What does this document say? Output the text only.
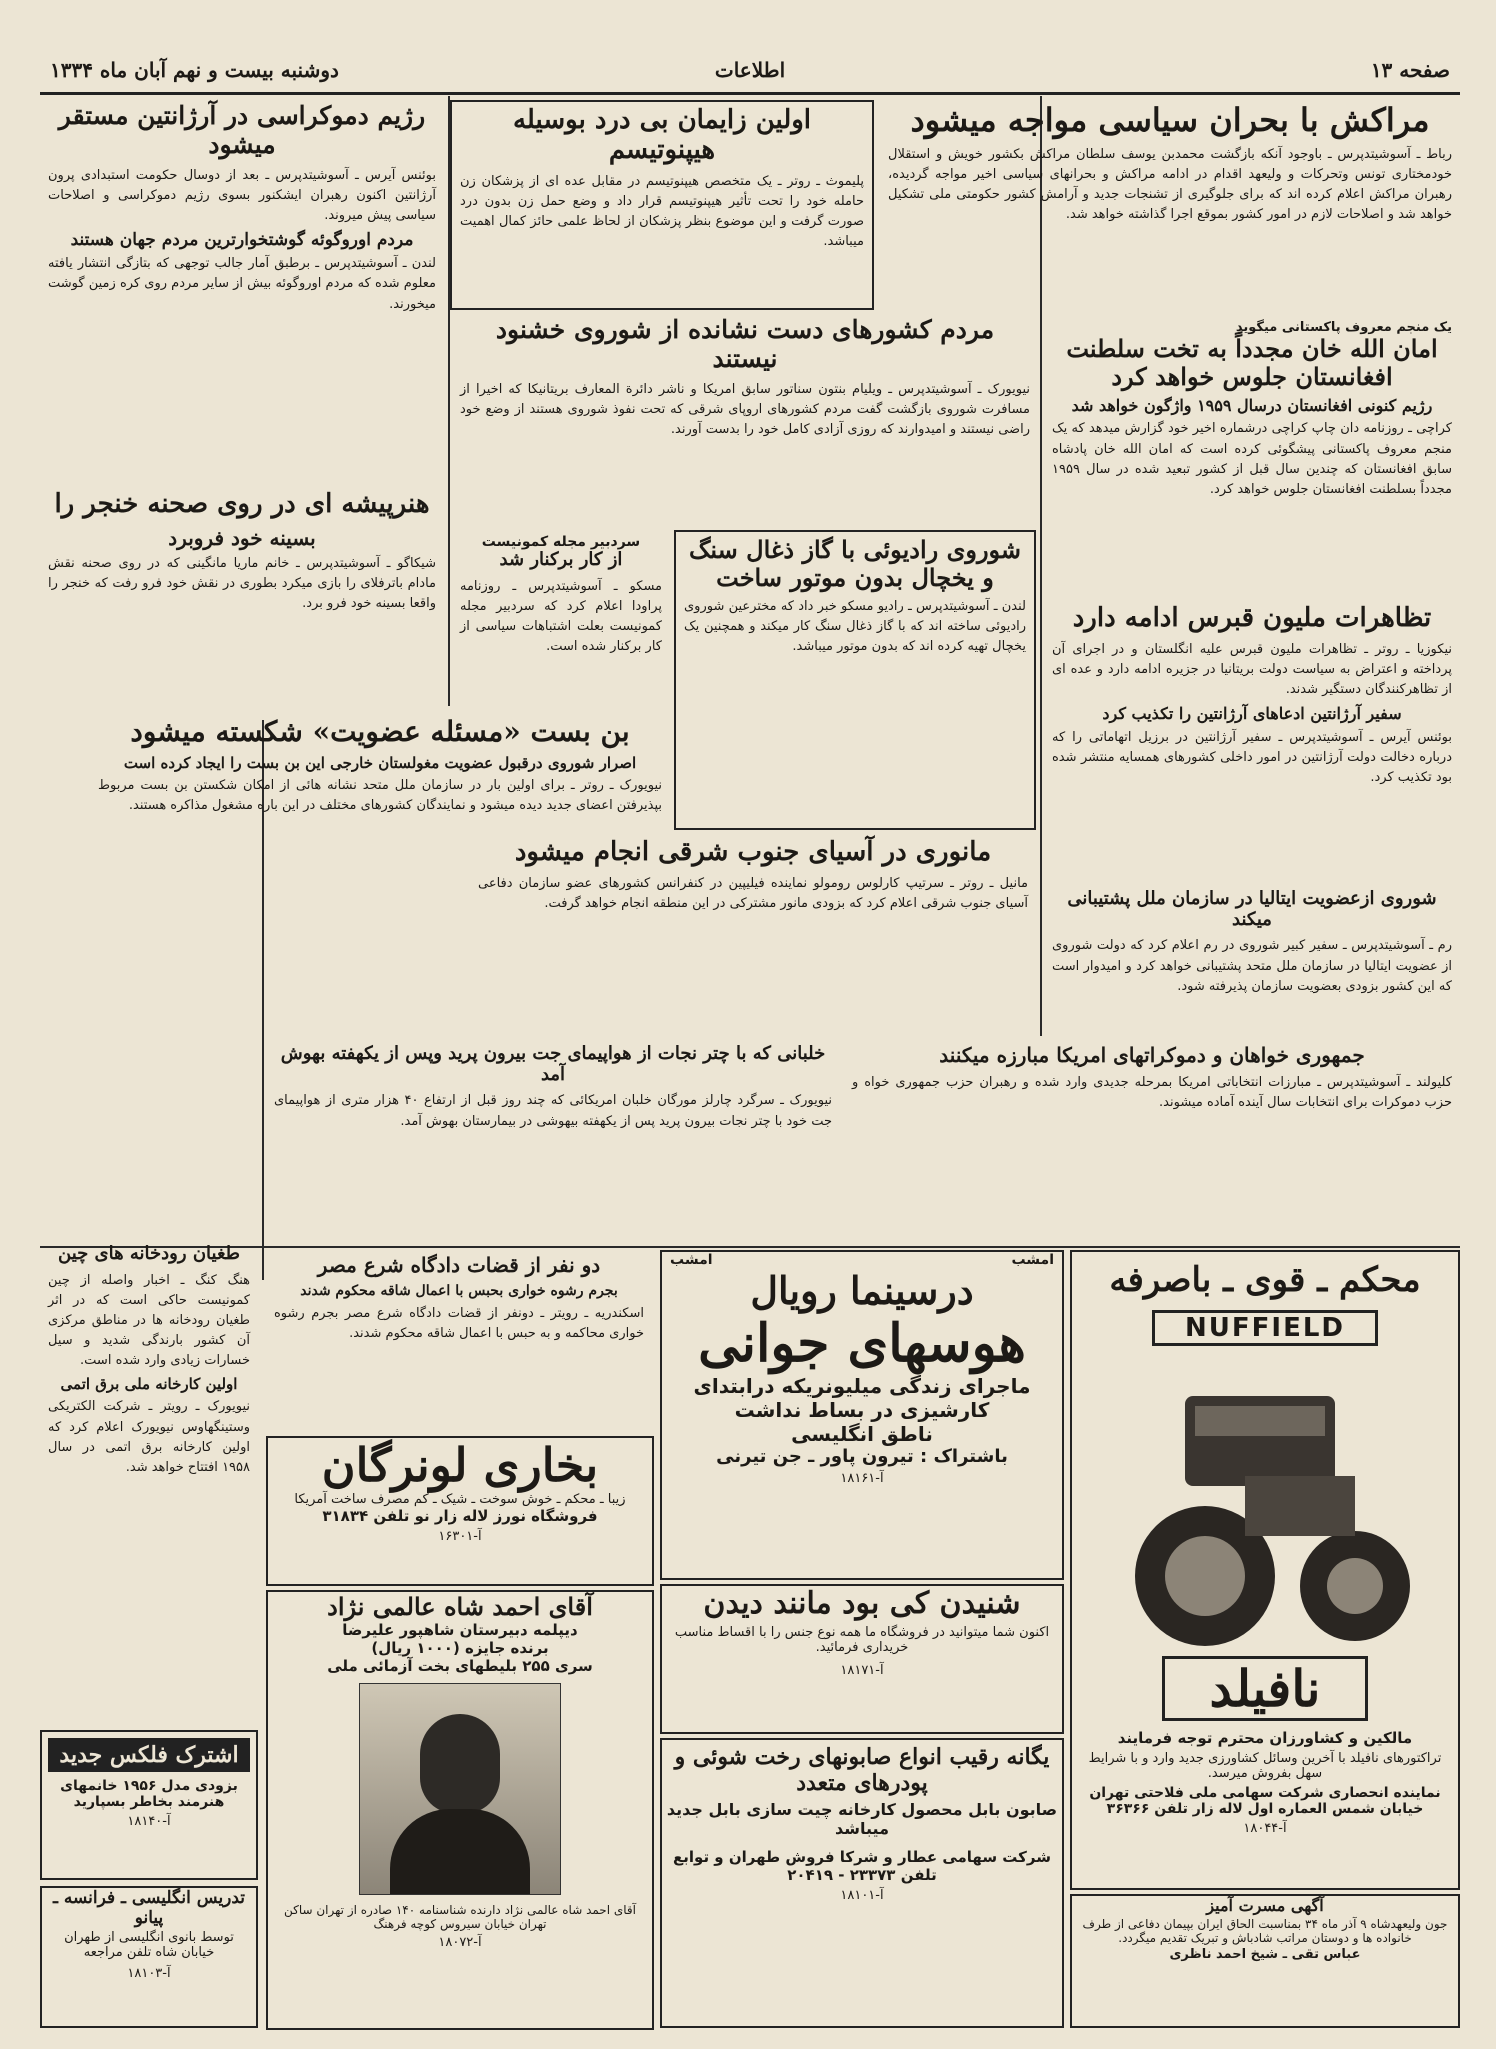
صفحه ۱۳
اطلاعات
دوشنبه بیست و نهم آبان ماه ۱۳۳۴
مراکش با بحران سیاسی مواجه میشود

رباط ـ آسوشیتدپرس ـ باوجود آنکه بازگشت محمدبن یوسف سلطان مراکش بکشور خویش و استقلال خودمختاری تونس وتحرکات و ولیعهد اقدام در ادامه مراکش و بحرانهای سیاسی اخیر مواجه گردیده، رهبران مراکش اعلام کرده اند که برای جلوگیری از تشنجات جدید و آرامش کشور حکومتی ملی تشکیل خواهد شد و اصلاحات لازم در امور کشور بموقع اجرا گذاشته خواهد شد.

اولین زایمان بی درد بوسیله هیپنوتیسم

پلیموث ـ روتر ـ یک متخصص هیپنوتیسم در مقابل عده ای از پزشکان زن حامله خود را تحت تأثیر هیپنوتیسم قرار داد و وضع حمل زن بدون درد صورت گرفت و این موضوع بنظر پزشکان از لحاظ علمی حائز کمال اهمیت میباشد.

رژیم دموکراسی در آرژانتین مستقر میشود

بوئنس آیرس ـ آسوشیتدپرس ـ بعد از دوسال حکومت استبدادی پرون آرژانتین اکنون رهبران ایشکنور بسوی رژیم دموکراسی و اصلاحات سیاسی پیش میروند.

مردم اوروگوئه گوشتخوارترین مردم جهان هستند

لندن ـ آسوشیتدپرس ـ برطبق آمار جالب توجهی که بتازگی انتشار یافته معلوم شده که مردم اوروگوئه بیش از سایر مردم روی کره زمین گوشت میخورند.

هنرپیشه ای در روی صحنه خنجر را
بسینه خود فروبرد

شیکاگو ـ آسوشیتدپرس ـ خانم ماریا مانگینی که در روی صحنه نقش مادام باترفلای را بازی میکرد بطوری در نقش خود فرو رفت که خنجر را واقعا بسینه خود فرو برد.

مردم کشورهای دست نشانده از شوروی خشنود نیستند

نیویورک ـ آسوشیتدپرس ـ ویلیام بنتون سناتور سابق امریکا و ناشر دائرة المعارف بریتانیکا که اخیرا از مسافرت شوروی بازگشت گفت مردم کشورهای اروپای شرقی که تحت نفوذ شوروی هستند از وضع خود راضی نیستند و امیدوارند که روزی آزادی کامل خود را بدست آورند.

یک منجم معروف پاکستانی میگوید
امان الله خان مجدداً به تخت سلطنت افغانستان جلوس خواهد کرد
رژیم کنونی افغانستان درسال ۱۹۵۹ واژگون خواهد شد

کراچی ـ روزنامه دان چاپ کراچی درشماره اخیر خود گزارش میدهد که یک منجم معروف پاکستانی پیشگوئی کرده است که امان الله خان پادشاه سابق افغانستان که چندین سال قبل از کشور تبعید شده در سال ۱۹۵۹ مجدداً بسلطنت افغانستان جلوس خواهد کرد.

تظاهرات ملیون قبرس ادامه دارد

نیکوزیا ـ روتر ـ تظاهرات ملیون قبرس علیه انگلستان و در اجرای آن پرداخته و اعتراض به سیاست دولت بریتانیا در جزیره ادامه دارد و عده ای از تظاهرکنندگان دستگیر شدند.

سفیر آرژانتین ادعاهای آرژانتین را تکذیب کرد

بوئنس آیرس ـ آسوشیتدپرس ـ سفیر آرژانتین در برزیل اتهاماتی را که درباره دخالت دولت آرژانتین در امور داخلی کشورهای همسایه منتشر شده بود تکذیب کرد.

شوروی ازعضویت ایتالیا در سازمان ملل پشتیبانی میکند

رم ـ آسوشیتدپرس ـ سفیر کبیر شوروی در رم اعلام کرد که دولت شوروی از عضویت ایتالیا در سازمان ملل متحد پشتیبانی خواهد کرد و امیدوار است که این کشور بزودی بعضویت سازمان پذیرفته شود.

شوروی رادیوئی با گاز ذغال سنگ و یخچال بدون موتور ساخت

لندن ـ آسوشیتدپرس ـ رادیو مسکو خبر داد که مخترعین شوروی رادیوئی ساخته اند که با گاز ذغال سنگ کار میکند و همچنین یک یخچال تهیه کرده اند که بدون موتور میباشد.

سردبیر مجله کمونیست
از کار برکنار شد

مسکو ـ آسوشیتدپرس ـ روزنامه پراودا اعلام کرد که سردبیر مجله کمونیست بعلت اشتباهات سیاسی از کار برکنار شده است.

بن بست «مسئله عضویت» شکسته میشود
اصرار شوروی درقبول عضویت مغولستان خارجی این بن بست را ایجاد کرده است

نیویورک ـ روتر ـ برای اولین بار در سازمان ملل متحد نشانه هائی از امکان شکستن بن بست مربوط بپذیرفتن اعضای جدید دیده میشود و نمایندگان کشورهای مختلف در این باره مشغول مذاکره هستند.

مانوری در آسیای جنوب شرقی انجام میشود

مانیل ـ روتر ـ سرتیپ کارلوس رومولو نماینده فیلیپین در کنفرانس کشورهای عضو سازمان دفاعی آسیای جنوب شرقی اعلام کرد که بزودی مانور مشترکی در این منطقه انجام خواهد گرفت.

خلبانی که با چتر نجات از هواپیمای جت بیرون پرید وپس از یکهفته بهوش آمد

نیویورک ـ سرگرد چارلز مورگان خلبان امریکائی که چند روز قبل از ارتفاع ۴۰ هزار متری از هواپیمای جت خود با چتر نجات بیرون پرید پس از یکهفته بیهوشی در بیمارستان بهوش آمد.

جمهوری خواهان و دموکراتهای امریکا مبارزه میکنند

کلیولند ـ آسوشیتدپرس ـ مبارزات انتخاباتی امریکا بمرحله جدیدی وارد شده و رهبران حزب جمهوری خواه و حزب دموکرات برای انتخابات سال آینده آماده میشوند.

طغیان رودخانه های چین

هنگ کنگ ـ اخبار واصله از چین کمونیست حاکی است که در اثر طغیان رودخانه ها در مناطق مرکزی آن کشور بارندگی شدید و سیل خسارات زیادی وارد شده است.

اولین کارخانه ملی برق اتمی

نیویورک ـ رویتر ـ شرکت الکتریکی وستینگهاوس نیویورک اعلام کرد که اولین کارخانه برق اتمی در سال ۱۹۵۸ افتتاح خواهد شد.

دو نفر از قضات دادگاه شرع مصر
بجرم رشوه خواری بحبس با اعمال شاقه محکوم شدند

اسکندریه ـ رویتر ـ دونفر از قضات دادگاه شرع مصر بجرم رشوه خواری محاکمه و به حبس با اعمال شاقه محکوم شدند.

محکم ـ قوی ـ باصرفه
NUFFIELD
نافیلد
مالکین و کشاورزان محترم توجه فرمایند
تراکتورهای نافیلد با آخرین وسائل کشاورزی جدید وارد و با شرایط سهل بفروش میرسد.
نماینده انحصاری شرکت سهامی ملی فلاحتی تهران
خیابان شمس العماره اول لاله زار تلفن ۳۶۳۶۶
آ-۱۸۰۴۴
امشب
امشب
درسینما رویال
هوسهای جوانی
ماجرای زندگی میلیونریکه درابتدای
کارشیزی در بساط نداشت
ناطق انگلیسی
باشتراک : تیرون پاور ـ جن تیرنی
آ-۱۸۱۶۱
بخاری لونرگان
زیبا ـ محکم ـ خوش سوخت ـ شیک ـ کم مصرف ساخت آمریکا
فروشگاه نورز لاله زار نو تلفن ۳۱۸۳۴
آ-۱۶۳۰۱
شنیدن کی بود مانند دیدن
اکنون شما میتوانید در فروشگاه ما همه نوع جنس را با اقساط مناسب خریداری فرمائید.
آ-۱۸۱۷۱
آقای احمد شاه عالمی نژاد
دیپلمه دبیرستان شاهپور علیرضا
برنده جایزه (۱۰۰۰ ریال)
سری ۲۵۵ بلیطهای بخت آزمائی ملی
آقای احمد شاه عالمی نژاد دارنده شناسنامه ۱۴۰ صادره از تهران ساکن تهران خیابان سیروس کوچه فرهنگ
آ-۱۸۰۷۲
یگانه رقیب انواع صابونهای رخت شوئی و پودرهای متعدد
صابون بابل محصول کارخانه چیت سازی بابل جدید میباشد
شرکت سهامی عطار و شرکا فروش طهران و توابع
تلفن ۲۳۳۷۳ - ۲۰۴۱۹
آ-۱۸۱۰۱
آگهی مسرت آمیز
جون ولیعهدشاه ۹ آذر ماه ۳۴ بمناسبت الحاق ایران بپیمان دفاعی از طرف خانواده ها و دوستان مراتب شادباش و تبریک تقدیم میگردد.
عباس تقی ـ شیخ احمد ناظری
اشترک فلکس جدید
بزودی مدل ۱۹۵۶ خانمهای هنرمند بخاطر بسپارید
آ-۱۸۱۴۰
تدریس انگلیسی ـ فرانسه ـ پیانو
توسط بانوی انگلیسی از طهران خیابان شاه تلفن مراجعه
آ-۱۸۱۰۳
